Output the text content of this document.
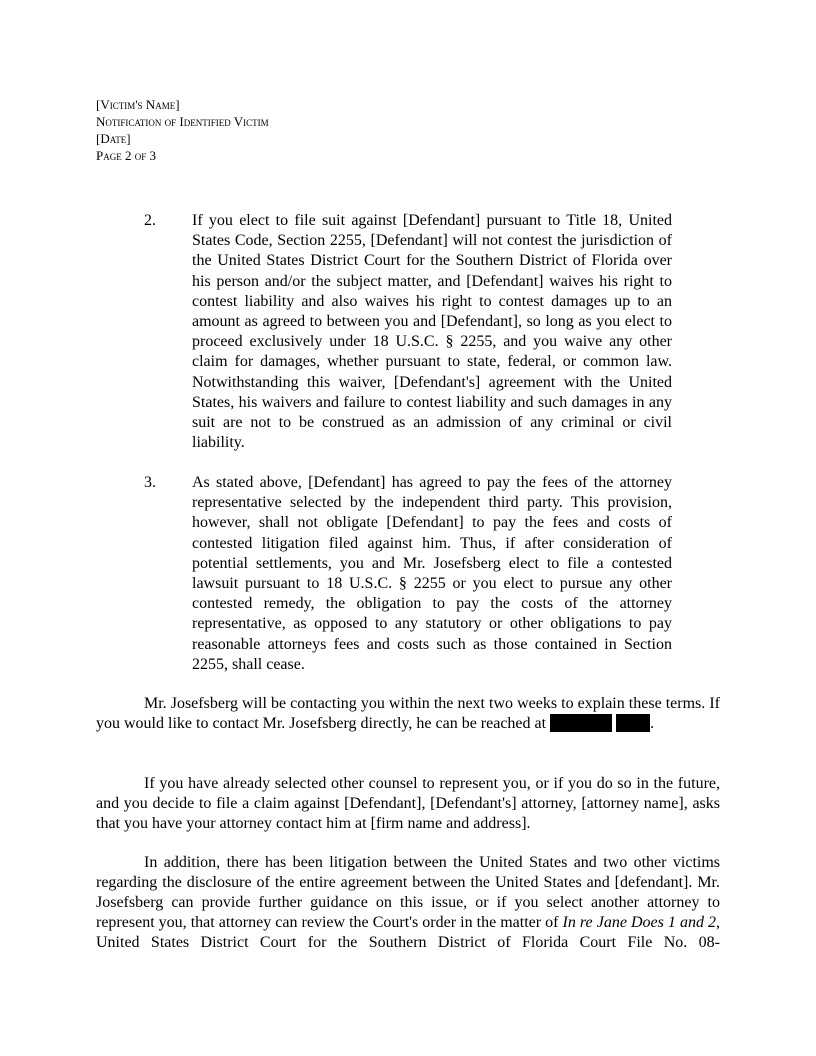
[Victim's Name]
Notification of Identified Victim
[Date]
Page 2 of 3
2. If you elect to file suit against [Defendant] pursuant to Title 18, United States Code, Section 2255, [Defendant] will not contest the jurisdiction of the United States District Court for the Southern District of Florida over his person and/or the subject matter, and [Defendant] waives his right to contest liability and also waives his right to contest damages up to an amount as agreed to between you and [Defendant], so long as you elect to proceed exclusively under 18 U.S.C. § 2255, and you waive any other claim for damages, whether pursuant to state, federal, or common law. Notwithstanding this waiver, [Defendant's] agreement with the United States, his waivers and failure to contest liability and such damages in any suit are not to be construed as an admission of any criminal or civil liability.
3. As stated above, [Defendant] has agreed to pay the fees of the attorney representative selected by the independent third party. This provision, however, shall not obligate [Defendant] to pay the fees and costs of contested litigation filed against him. Thus, if after consideration of potential settlements, you and Mr. Josefsberg elect to file a contested lawsuit pursuant to 18 U.S.C. § 2255 or you elect to pursue any other contested remedy, the obligation to pay the costs of the attorney representative, as opposed to any statutory or other obligations to pay reasonable attorneys fees and costs such as those contained in Section 2255, shall cease.
Mr. Josefsberg will be contacting you within the next two weeks to explain these terms. If you would like to contact Mr. Josefsberg directly, he can be reached at	.
If you have already selected other counsel to represent you, or if you do so in the future, and you decide to file a claim against [Defendant], [Defendant's] attorney, [attorney name], asks that you have your attorney contact him at [firm name and address].
In addition, there has been litigation between the United States and two other victims regarding the disclosure of the entire agreement between the United States and [defendant]. Mr. Josefsberg can provide further guidance on this issue, or if you select another attorney to represent you, that attorney can review the Court's order in the matter of In re Jane Does 1 and 2, United States District Court for the Southern District of Florida Court File No. 08-
